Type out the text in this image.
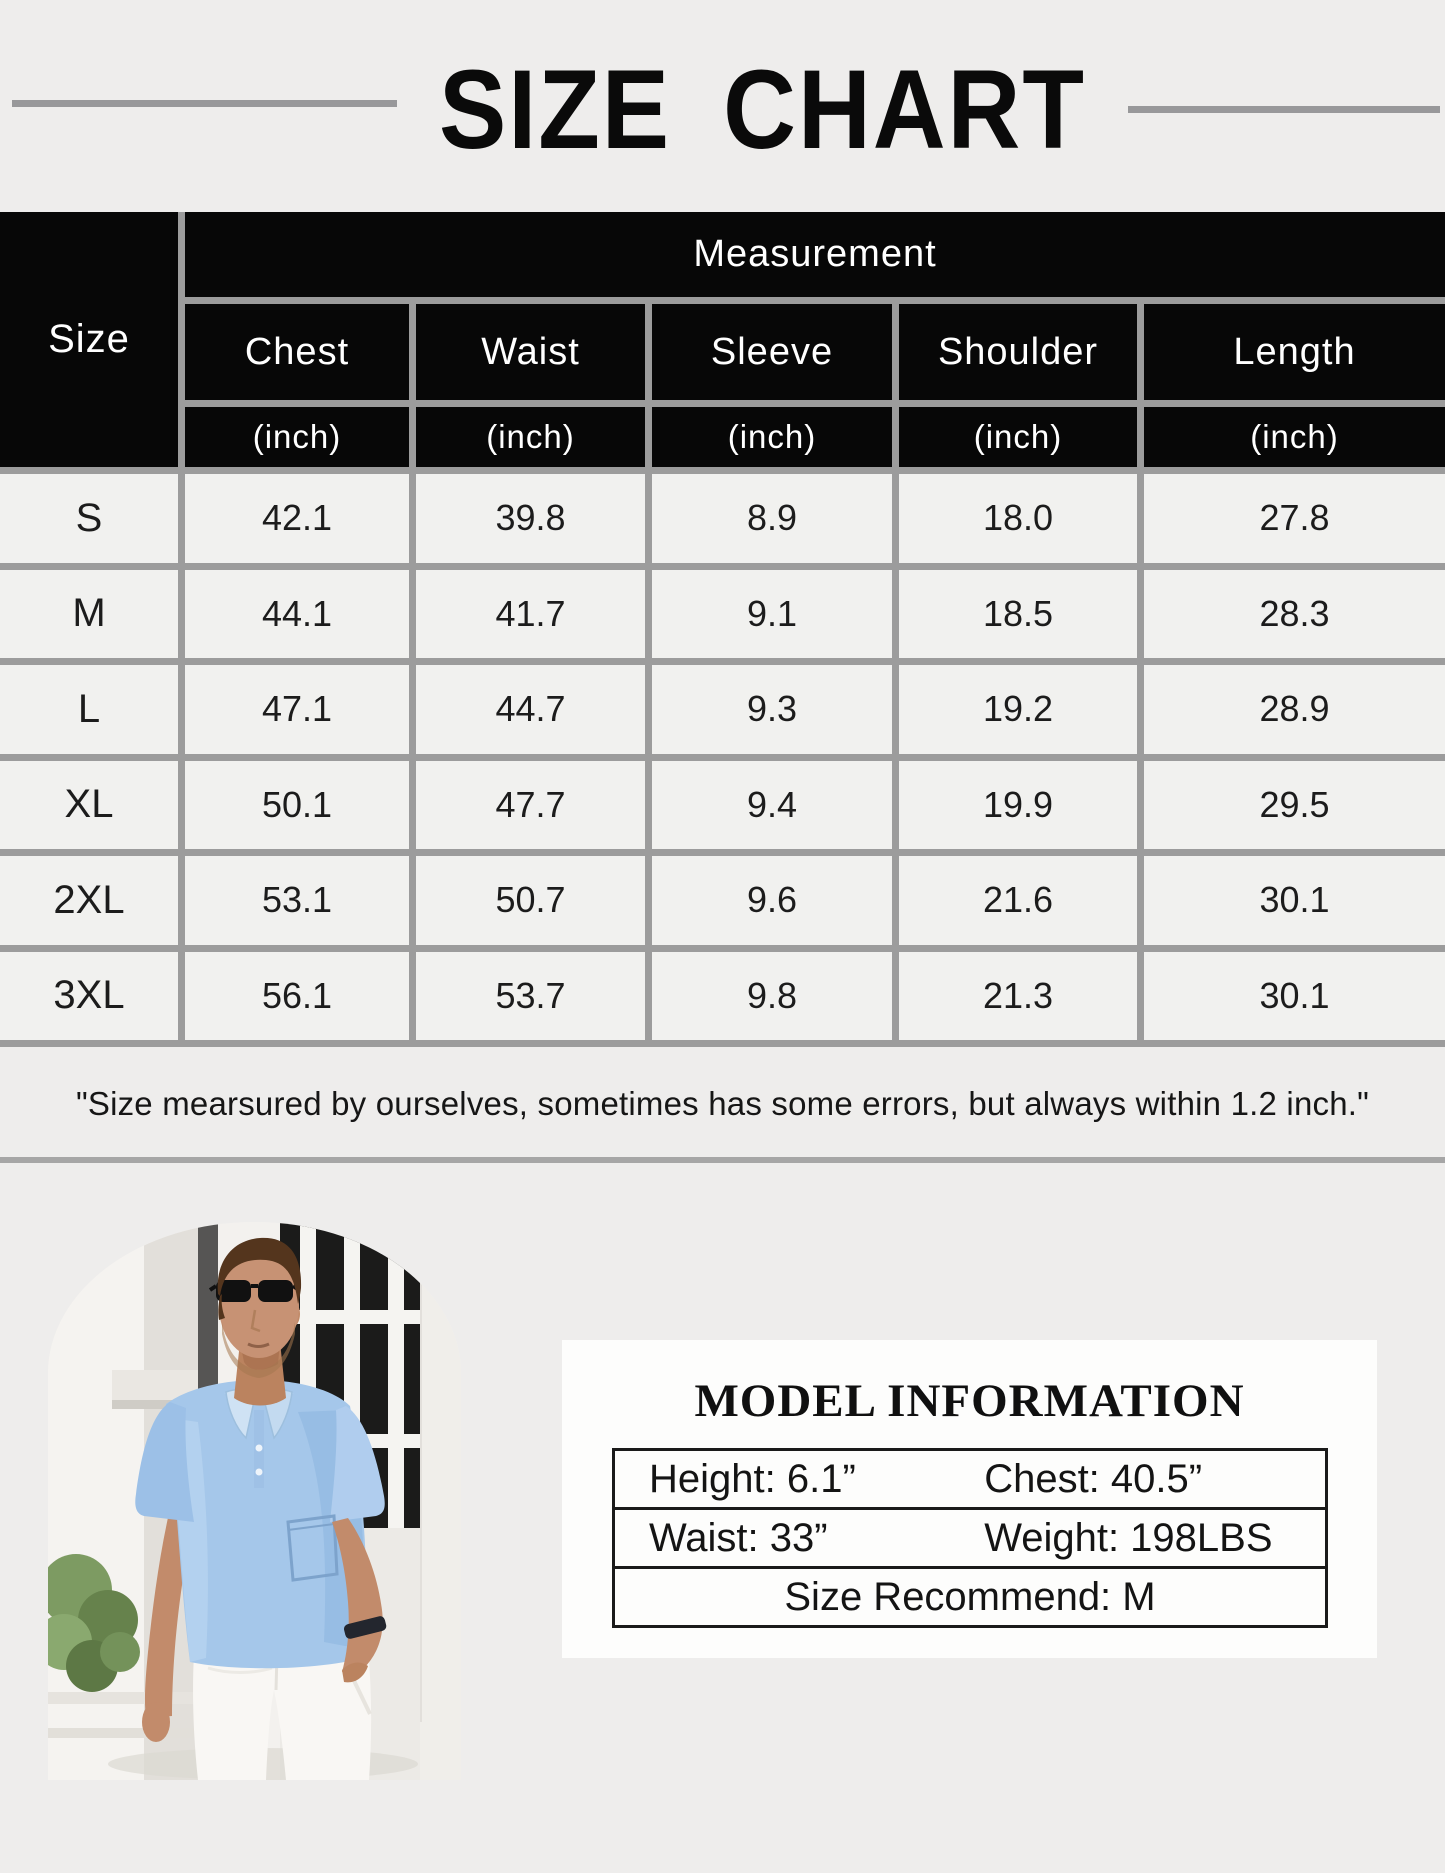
SIZE CHART
Size
Measurement
Chest	Waist	Sleeve	Shoulder	Length
(inch)	(inch)	(inch)	(inch)	(inch)
S	42.1	39.8	8.9	18.0	27.8
M	44.1	41.7	9.1	18.5	28.3
L	47.1	44.7	9.3	19.2	28.9
XL	50.1	47.7	9.4	19.9	29.5
2XL	53.1	50.7	9.6	21.6	30.1
3XL	56.1	53.7	9.8	21.3	30.1
"Size mearsured by ourselves, sometimes has some errors, but always within 1.2 inch."
MODEL INFORMATION
Height: 6.1”	Chest: 40.5”
Waist: 33”	Weight: 198LBS
Size Recommend: M
